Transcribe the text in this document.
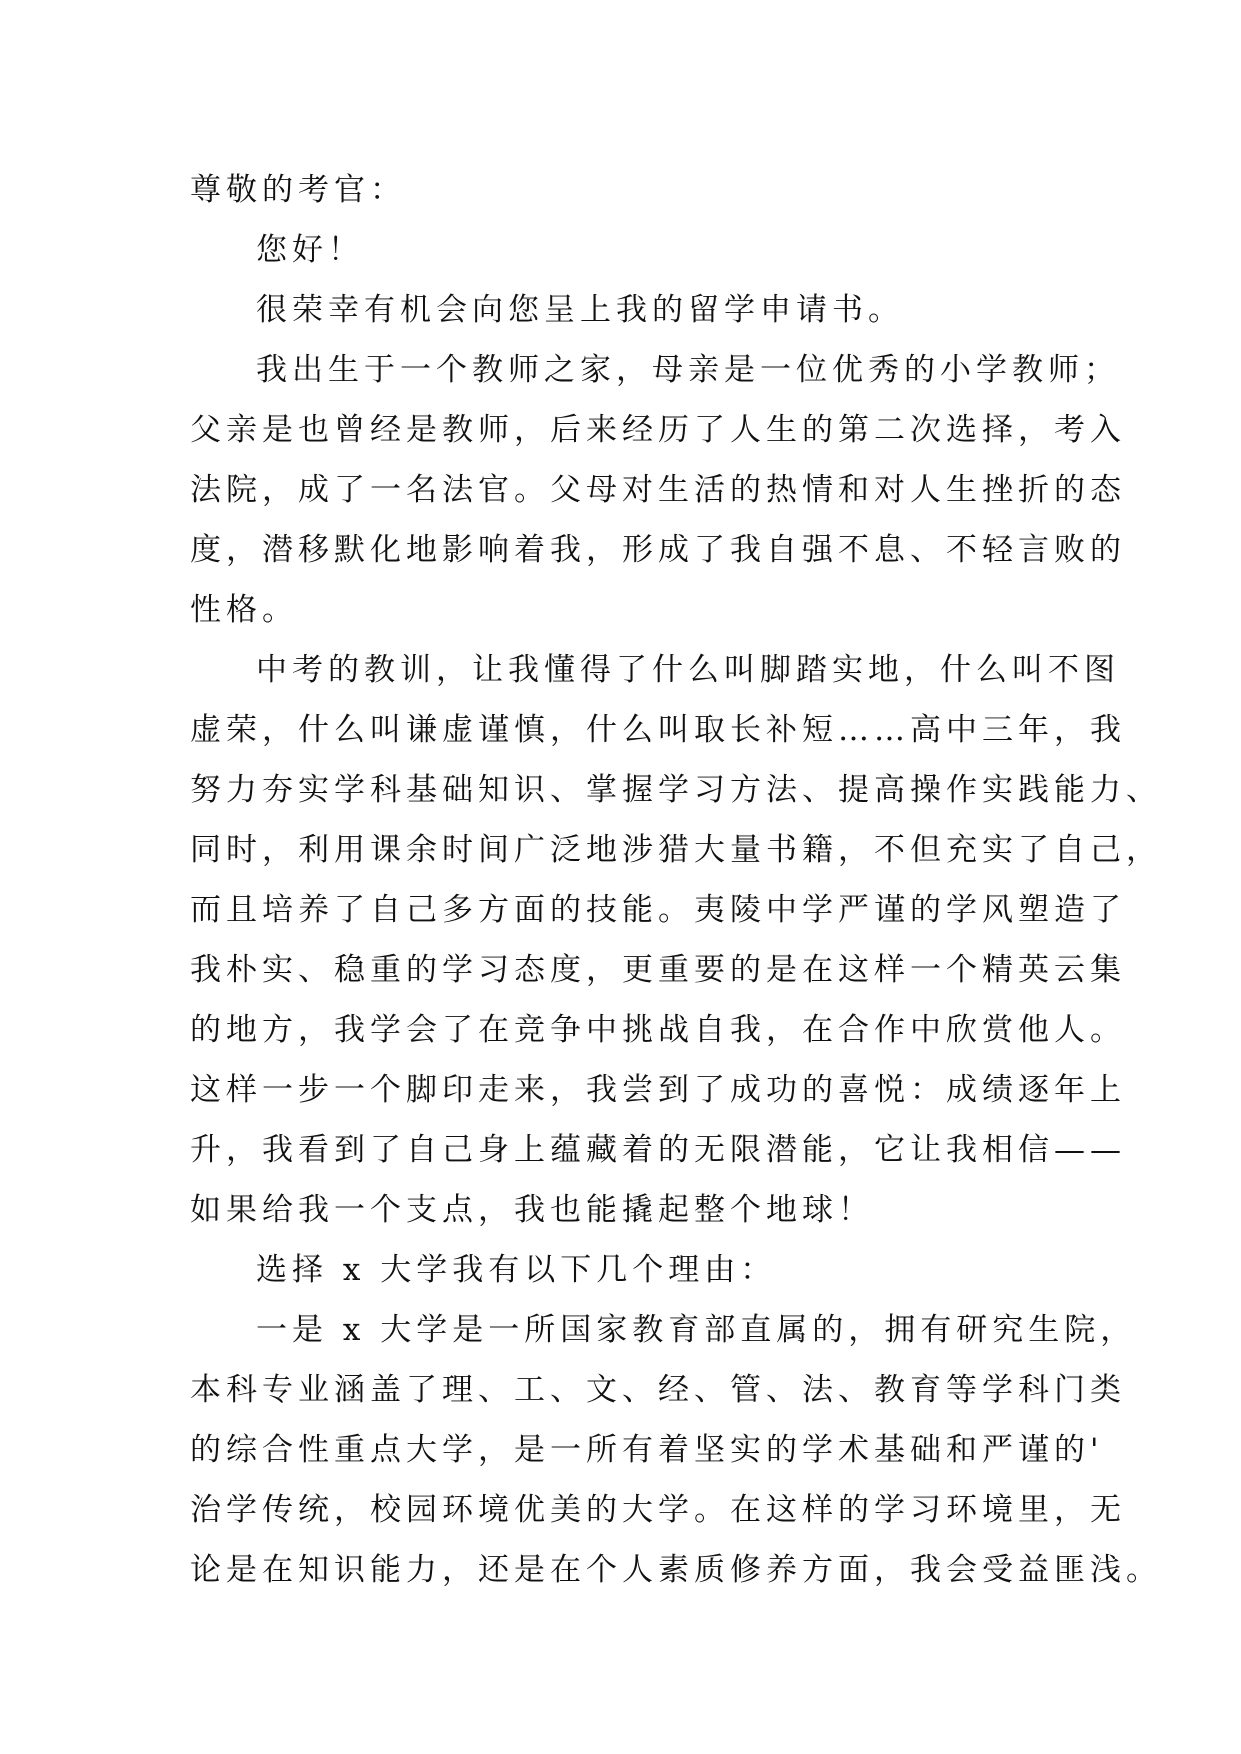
尊敬的考官：
您好！
很荣幸有机会向您呈上我的留学申请书。
我出生于一个教师之家，母亲是一位优秀的小学教师；
父亲是也曾经是教师，后来经历了人生的第二次选择，考入
法院，成了一名法官。父母对生活的热情和对人生挫折的态
度，潜移默化地影响着我，形成了我自强不息、不轻言败的
性格。
中考的教训，让我懂得了什么叫脚踏实地，什么叫不图
虚荣，什么叫谦虚谨慎，什么叫取长补短……高中三年，我
努力夯实学科基础知识、掌握学习方法、提高操作实践能力、
同时，利用课余时间广泛地涉猎大量书籍，不但充实了自己，
而且培养了自己多方面的技能。夷陵中学严谨的学风塑造了
我朴实、稳重的学习态度，更重要的是在这样一个精英云集
的地方，我学会了在竞争中挑战自我，在合作中欣赏他人。
这样一步一个脚印走来，我尝到了成功的喜悦：成绩逐年上
升，我看到了自己身上蕴藏着的无限潜能，它让我相信——
如果给我一个支点，我也能撬起整个地球！
选择 x 大学我有以下几个理由：
一是 x 大学是一所国家教育部直属的，拥有研究生院，
本科专业涵盖了理、工、文、经、管、法、教育等学科门类
的综合性重点大学，是一所有着坚实的学术基础和严谨的'
治学传统，校园环境优美的大学。在这样的学习环境里，无
论是在知识能力，还是在个人素质修养方面，我会受益匪浅。
